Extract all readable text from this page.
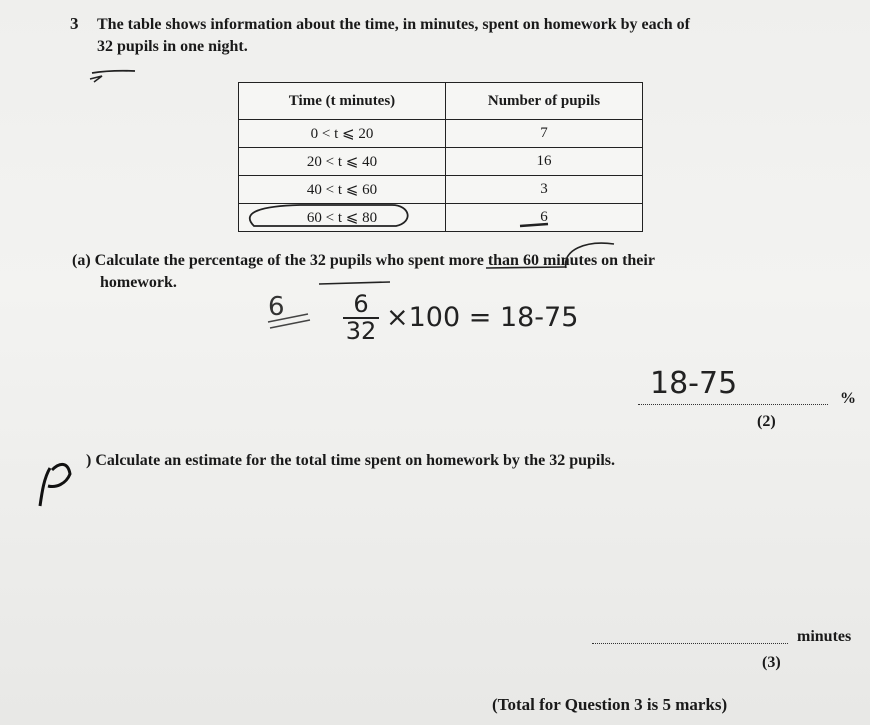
3 The table shows information about the time, in minutes, spent on homework by each of
32 pupils in one night.
Time (t minutes)	Number of pupils
0 < t ⩽ 20	7
20 < t ⩽ 40	16
40 < t ⩽ 60	3
60 < t ⩽ 80	6
(a) Calculate the percentage of the 32 pupils who spent more than 60 minutes on their
homework.
6	6
32 ×100 = 18-75
18-75	%
(2)
) Calculate an estimate for the total time spent on homework by the 32 pupils.
minutes
(3)
(Total for Question 3 is 5 marks)
